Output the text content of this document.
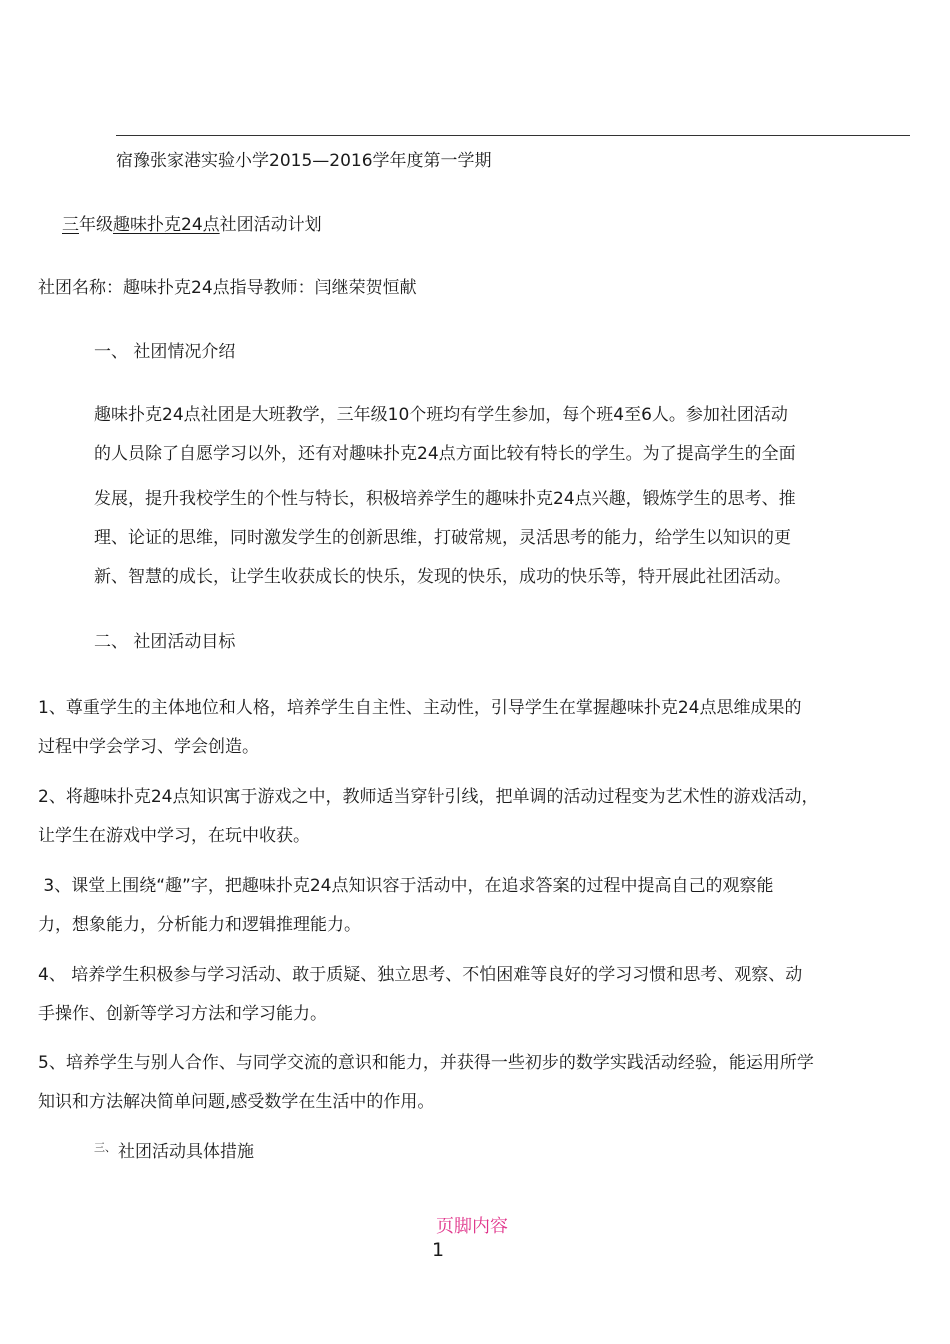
宿豫张家港实验小学2015—2016学年度第一学期
三年级趣味扑克24点社团活动计划
社团名称：趣味扑克24点指导教师：闫继荣贺恒献
一、 社团情况介绍
趣味扑克24点社团是大班教学，三年级10个班均有学生参加，每个班4至6人。参加社团活动
的人员除了自愿学习以外，还有对趣味扑克24点方面比较有特长的学生。为了提高学生的全面
发展，提升我校学生的个性与特长，积极培养学生的趣味扑克24点兴趣，锻炼学生的思考、推
理、论证的思维，同时激发学生的创新思维，打破常规，灵活思考的能力，给学生以知识的更
新、智慧的成长，让学生收获成长的快乐，发现的快乐，成功的快乐等，特开展此社团活动。
二、 社团活动目标
1、尊重学生的主体地位和人格，培养学生自主性、主动性，引导学生在掌握趣味扑克24点思维成果的
过程中学会学习、学会创造。
2、将趣味扑克24点知识寓于游戏之中，教师适当穿针引线，把单调的活动过程变为艺术性的游戏活动，
让学生在游戏中学习，在玩中收获。
3、课堂上围绕“趣”字，把趣味扑克24点知识容于活动中，在追求答案的过程中提高自己的观察能
力，想象能力，分析能力和逻辑推理能力。
4、 培养学生积极参与学习活动、敢于质疑、独立思考、不怕困难等良好的学习习惯和思考、观察、动
手操作、创新等学习方法和学习能力。
5、培养学生与别人合作、与同学交流的意识和能力，并获得一些初步的数学实践活动经验，能运用所学
知识和方法解决简单问题,感受数学在生活中的作用。
$^{三、}$ 社团活动具体措施
页脚内容
1
